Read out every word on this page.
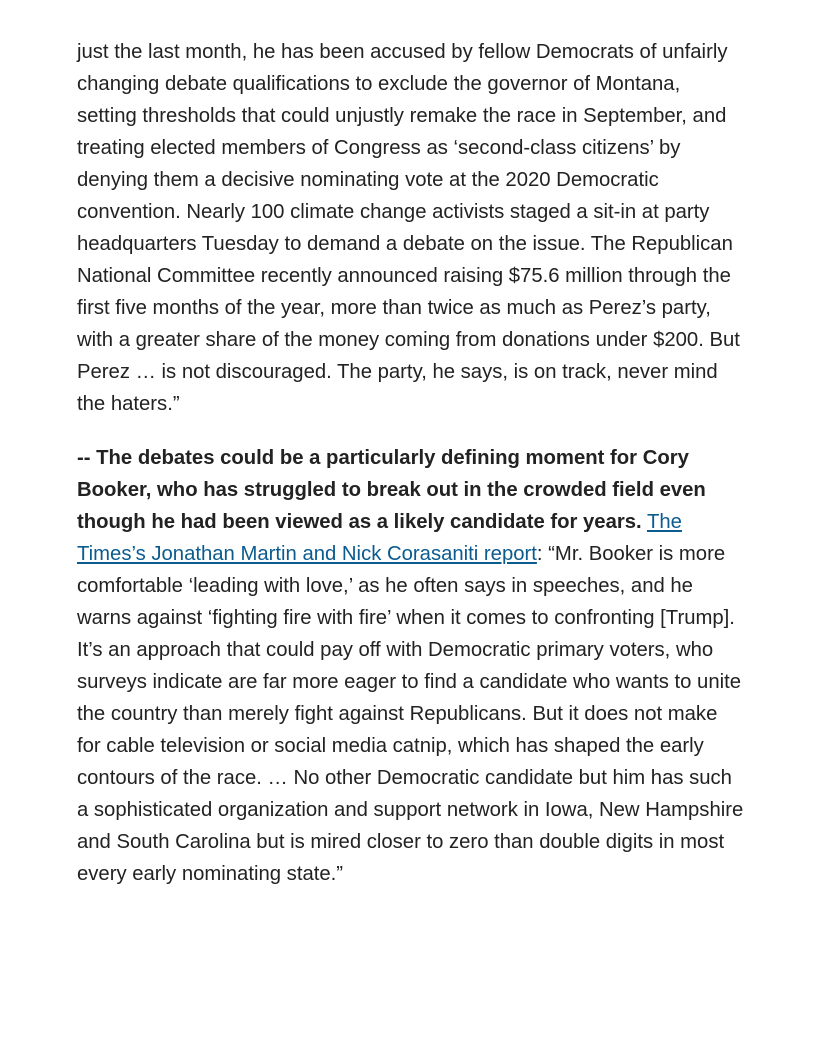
just the last month, he has been accused by fellow Democrats of unfairly changing debate qualifications to exclude the governor of Montana, setting thresholds that could unjustly remake the race in September, and treating elected members of Congress as ‘second-class citizens’ by denying them a decisive nominating vote at the 2020 Democratic convention. Nearly 100 climate change activists staged a sit-in at party headquarters Tuesday to demand a debate on the issue. The Republican National Committee recently announced raising $75.6 million through the first five months of the year, more than twice as much as Perez’s party, with a greater share of the money coming from donations under $200. But Perez … is not discouraged. The party, he says, is on track, never mind the haters.”

-- The debates could be a particularly defining moment for Cory Booker, who has struggled to break out in the crowded field even though he had been viewed as a likely candidate for years. The Times’s Jonathan Martin and Nick Corasaniti report: “Mr. Booker is more comfortable ‘leading with love,’ as he often says in speeches, and he warns against ‘fighting fire with fire’ when it comes to confronting [Trump]. It’s an approach that could pay off with Democratic primary voters, who surveys indicate are far more eager to find a candidate who wants to unite the country than merely fight against Republicans. But it does not make for cable television or social media catnip, which has shaped the early contours of the race. … No other Democratic candidate but him has such a sophisticated organization and support network in Iowa, New Hampshire and South Carolina but is mired closer to zero than double digits in most every early nominating state.”
